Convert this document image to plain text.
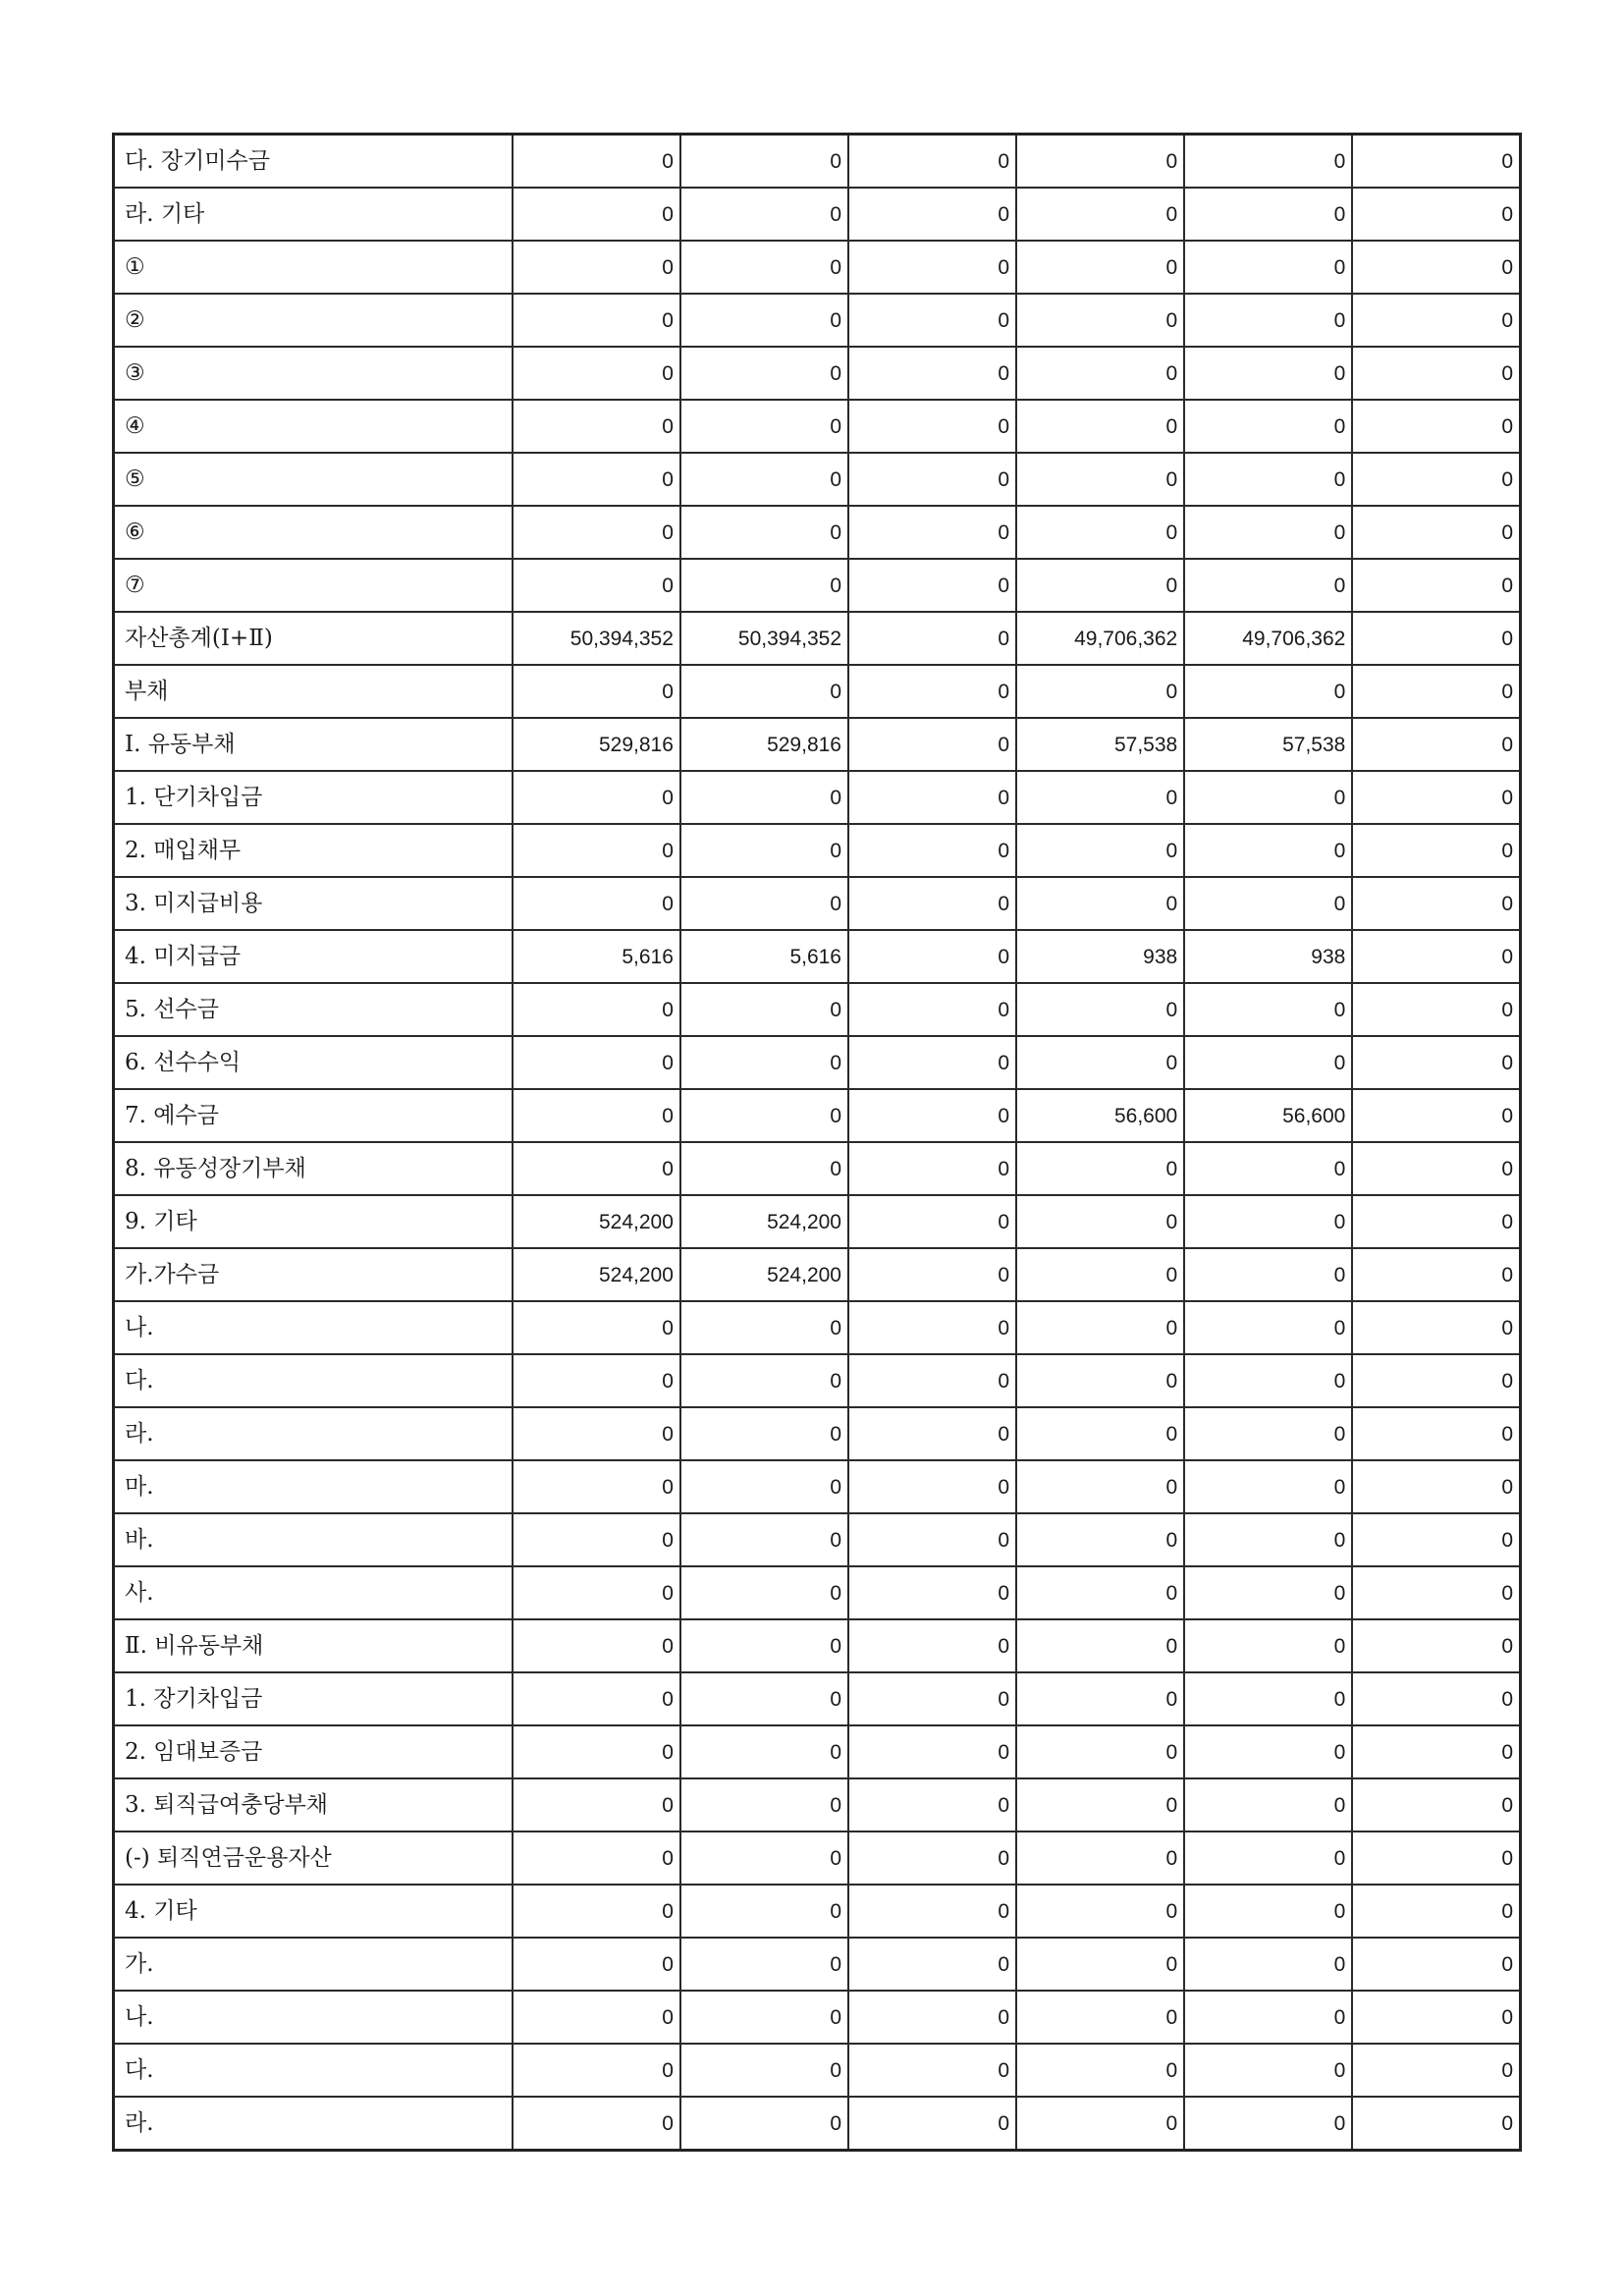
다. 장기미수금	0	0	0	0	0	0
라. 기타	0	0	0	0	0	0
①	0	0	0	0	0	0
②	0	0	0	0	0	0
③	0	0	0	0	0	0
④	0	0	0	0	0	0
⑤	0	0	0	0	0	0
⑥	0	0	0	0	0	0
⑦	0	0	0	0	0	0
자산총계(Ⅰ+Ⅱ)	50,394,352	50,394,352	0	49,706,362	49,706,362	0
부채	0	0	0	0	0	0
Ⅰ. 유동부채	529,816	529,816	0	57,538	57,538	0
1. 단기차입금	0	0	0	0	0	0
2. 매입채무	0	0	0	0	0	0
3. 미지급비용	0	0	0	0	0	0
4. 미지급금	5,616	5,616	0	938	938	0
5. 선수금	0	0	0	0	0	0
6. 선수수익	0	0	0	0	0	0
7. 예수금	0	0	0	56,600	56,600	0
8. 유동성장기부채	0	0	0	0	0	0
9. 기타	524,200	524,200	0	0	0	0
가.가수금	524,200	524,200	0	0	0	0
나.	0	0	0	0	0	0
다.	0	0	0	0	0	0
라.	0	0	0	0	0	0
마.	0	0	0	0	0	0
바.	0	0	0	0	0	0
사.	0	0	0	0	0	0
Ⅱ. 비유동부채	0	0	0	0	0	0
1. 장기차입금	0	0	0	0	0	0
2. 임대보증금	0	0	0	0	0	0
3. 퇴직급여충당부채	0	0	0	0	0	0
(-) 퇴직연금운용자산	0	0	0	0	0	0
4. 기타	0	0	0	0	0	0
가.	0	0	0	0	0	0
나.	0	0	0	0	0	0
다.	0	0	0	0	0	0
라.	0	0	0	0	0	0
